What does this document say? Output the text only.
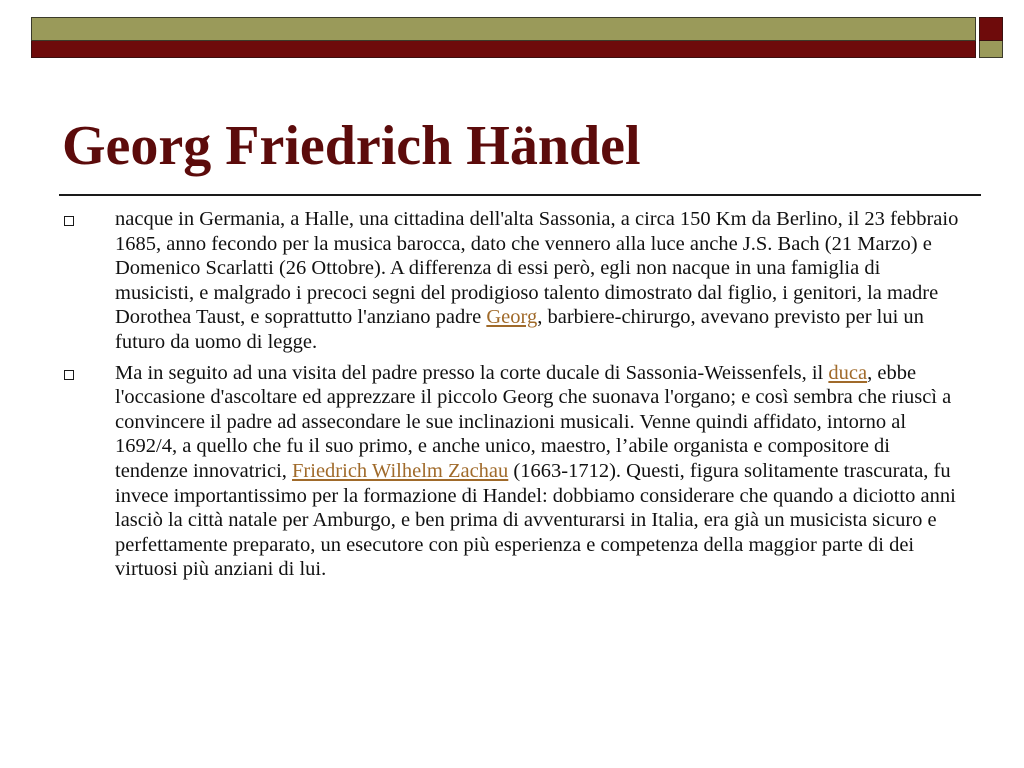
Georg Friedrich Händel
nacque in Germania, a Halle, una cittadina dell'alta Sassonia, a circa 150 Km da Berlino, il 23 febbraio 1685, anno fecondo per la musica barocca, dato che vennero alla luce anche J.S. Bach (21 Marzo) e Domenico Scarlatti (26 Ottobre). A differenza di essi però, egli non nacque in una famiglia di musicisti, e malgrado i precoci segni del prodigioso talento dimostrato dal figlio, i genitori, la madre Dorothea Taust, e soprattutto l'anziano padre Georg, barbiere-chirurgo, avevano previsto per lui un futuro da uomo di legge.
Ma in seguito ad una visita del padre presso la corte ducale di Sassonia-Weissenfels, il duca, ebbe l'occasione d'ascoltare ed apprezzare il piccolo Georg che suonava l'organo; e così sembra che riuscì a convincere il padre ad assecondare le sue inclinazioni musicali. Venne quindi affidato, intorno al 1692/4, a quello che fu il suo primo, e anche unico, maestro, l’abile organista e compositore di tendenze innovatrici, Friedrich Wilhelm Zachau (1663-1712). Questi, figura solitamente trascurata, fu invece importantissimo per la formazione di Handel: dobbiamo considerare che quando a diciotto anni lasciò la città natale per Amburgo, e ben prima di avventurarsi in Italia, era già un musicista sicuro e perfettamente preparato, un esecutore con più esperienza e competenza della maggior parte di dei virtuosi più anziani di lui.
